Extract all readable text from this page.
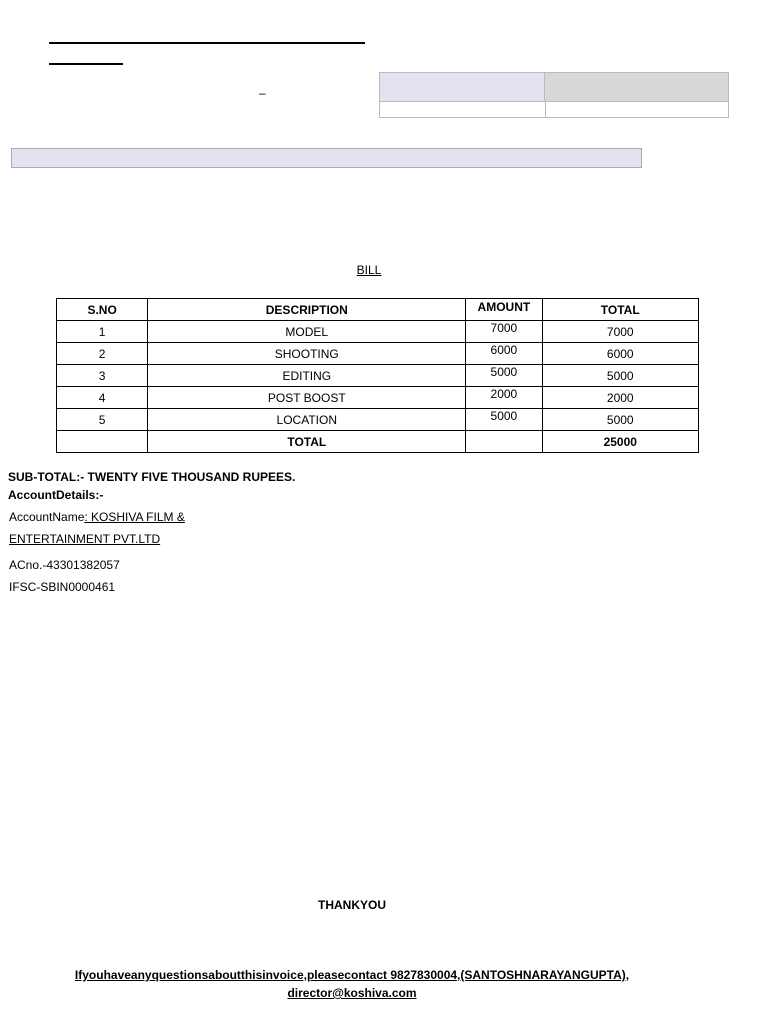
–
BILL
S.NO	DESCRIPTION	AMOUNT	TOTAL
1	MODEL	7000	7000
2	SHOOTING	6000	6000
3	EDITING	5000	5000
4	POST BOOST	2000	2000
5	LOCATION	5000	5000
	TOTAL		25000
SUB-TOTAL:- TWENTY FIVE THOUSAND RUPEES.
AccountDetails:-
AccountName: KOSHIVA FILM &
ENTERTAINMENT PVT.LTD
ACno.-43301382057
IFSC-SBIN0000461
THANKYOU
Ifyouhaveanyquestionsaboutthisinvoice,pleasecontact 9827830004,(SANTOSHNARAYANGUPTA),
director@koshiva.com
